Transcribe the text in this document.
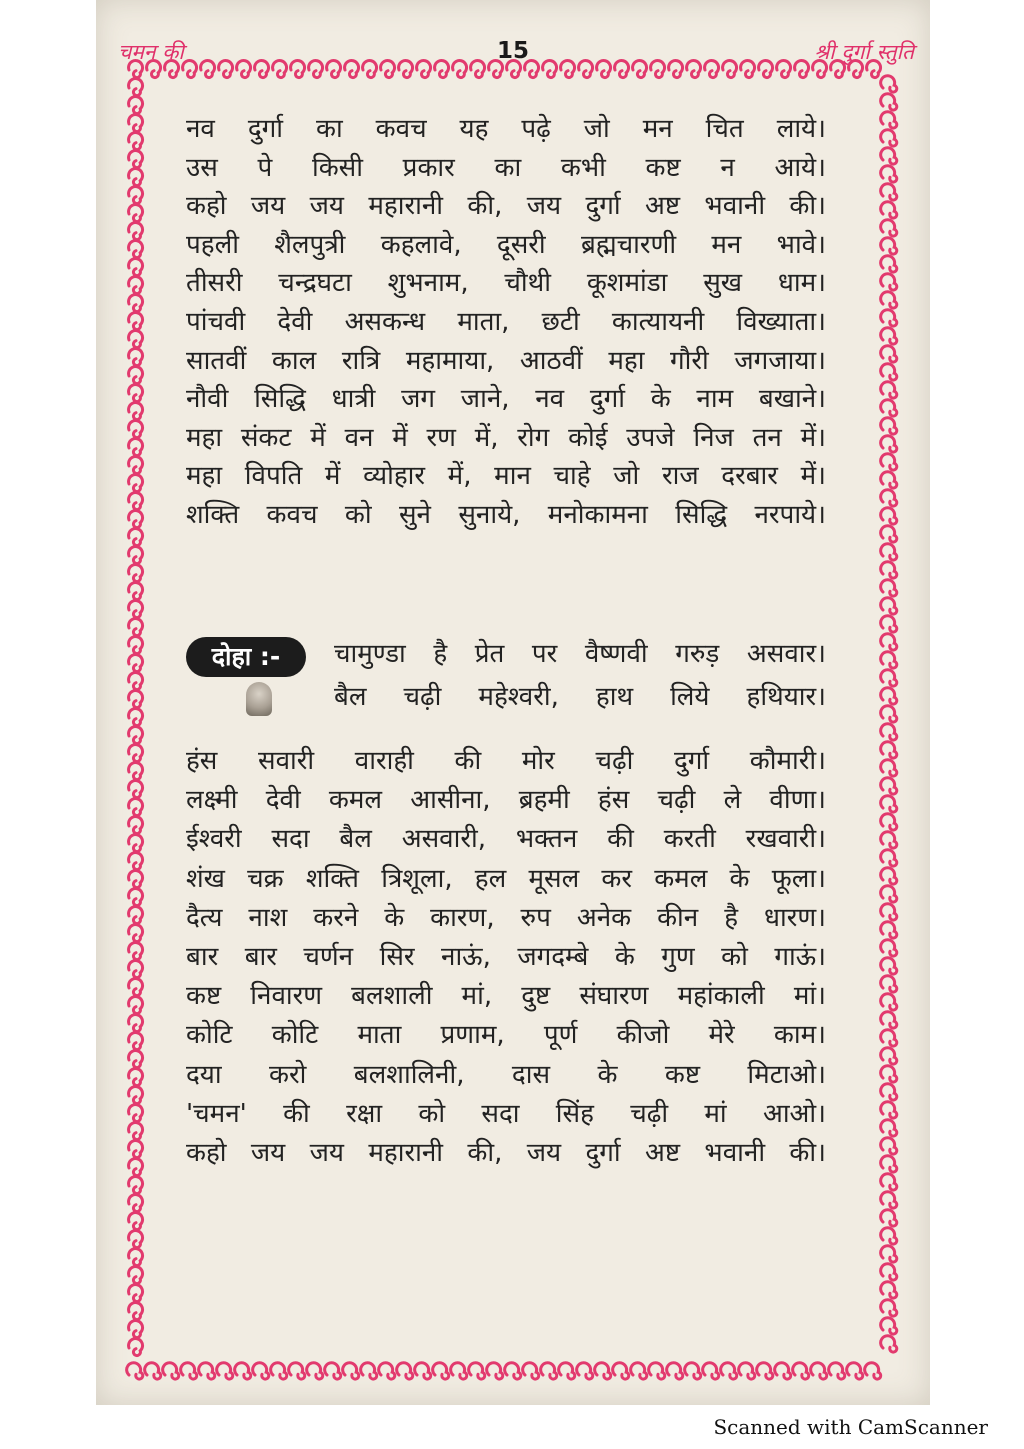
चमन की	15	श्री दुर्गा स्तुति
नव दुर्गा का कवच यह पढ़े जो मन चित लाये।
उस पे किसी प्रकार का कभी कष्ट न आये।
कहो जय जय महारानी की, जय दुर्गा अष्ट भवानी की।
पहली शैलपुत्री कहलावे, दूसरी ब्रह्मचारणी मन भावे।
तीसरी चन्द्रघटा शुभनाम, चौथी कूशमांडा सुख धाम।
पांचवी देवी असकन्ध माता, छटी कात्यायनी विख्याता।
सातवीं काल रात्रि महामाया, आठवीं महा गौरी जगजाया।
नौवी सिद्धि धात्री जग जाने, नव दुर्गा के नाम बखाने।
महा संकट में वन में रण में, रोग कोई उपजे निज तन में।
महा विपति में व्योहार में, मान चाहे जो राज दरबार में।
शक्ति कवच को सुने सुनाये, मनोकामना सिद्धि नरपाये।
दोहा :-	चामुण्डा है प्रेत पर वैष्णवी गरुड़ असवार।
बैल चढ़ी महेश्वरी, हाथ लिये हथियार।
हंस सवारी वाराही की मोर चढ़ी दुर्गा कौमारी।
लक्ष्मी देवी कमल आसीना, ब्रहमी हंस चढ़ी ले वीणा।
ईश्वरी सदा बैल असवारी, भक्तन की करती रखवारी।
शंख चक्र शक्ति त्रिशूला, हल मूसल कर कमल के फूला।
दैत्य नाश करने के कारण, रुप अनेक कीन है धारण।
बार बार चर्णन सिर नाऊं, जगदम्बे के गुण को गाऊं।
कष्ट निवारण बलशाली मां, दुष्ट संघारण महांकाली मां।
कोटि कोटि माता प्रणाम, पूर्ण कीजो मेरे काम।
दया करो बलशालिनी, दास के कष्ट मिटाओ।
'चमन' की रक्षा को सदा सिंह चढ़ी मां आओ।
कहो जय जय महारानी की, जय दुर्गा अष्ट भवानी की।
Scanned with CamScanner
